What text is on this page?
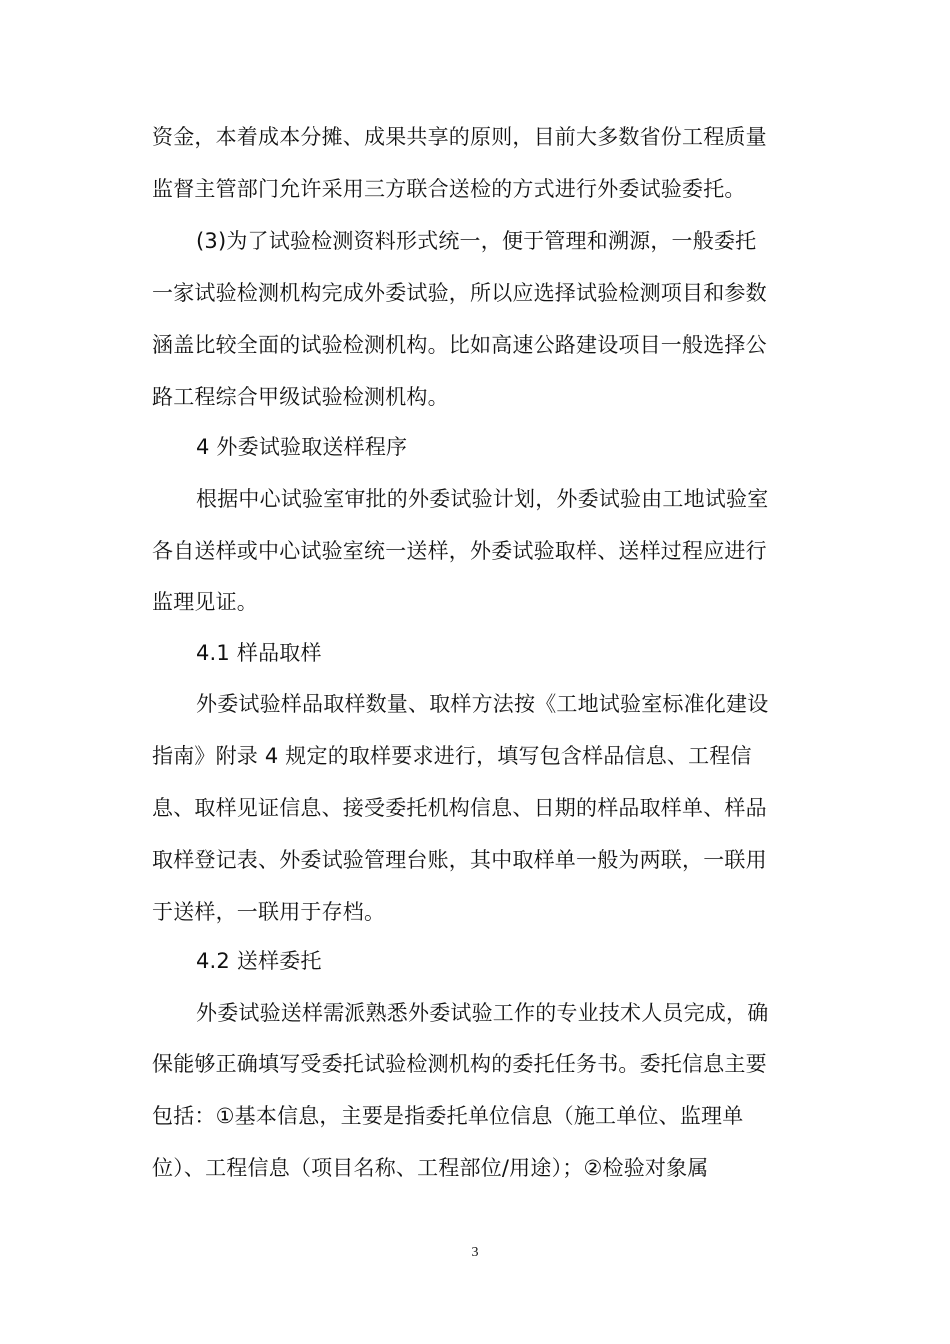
资金，本着成本分摊、成果共享的原则，目前大多数省份工程质量
监督主管部门允许采用三方联合送检的方式进行外委试验委托。
(3)为了试验检测资料形式统一，便于管理和溯源，一般委托
一家试验检测机构完成外委试验，所以应选择试验检测项目和参数
涵盖比较全面的试验检测机构。比如高速公路建设项目一般选择公
路工程综合甲级试验检测机构。
4 外委试验取送样程序
根据中心试验室审批的外委试验计划，外委试验由工地试验室
各自送样或中心试验室统一送样，外委试验取样、送样过程应进行
监理见证。
4.1 样品取样
外委试验样品取样数量、取样方法按《工地试验室标准化建设
指南》附录 4 规定的取样要求进行，填写包含样品信息、工程信
息、取样见证信息、接受委托机构信息、日期的样品取样单、样品
取样登记表、外委试验管理台账，其中取样单一般为两联，一联用
于送样，一联用于存档。
4.2 送样委托
外委试验送样需派熟悉外委试验工作的专业技术人员完成，确
保能够正确填写受委托试验检测机构的委托任务书。委托信息主要
包括：①基本信息，主要是指委托单位信息（施工单位、监理单
位）、工程信息（项目名称、工程部位/用途）；②检验对象属
3
